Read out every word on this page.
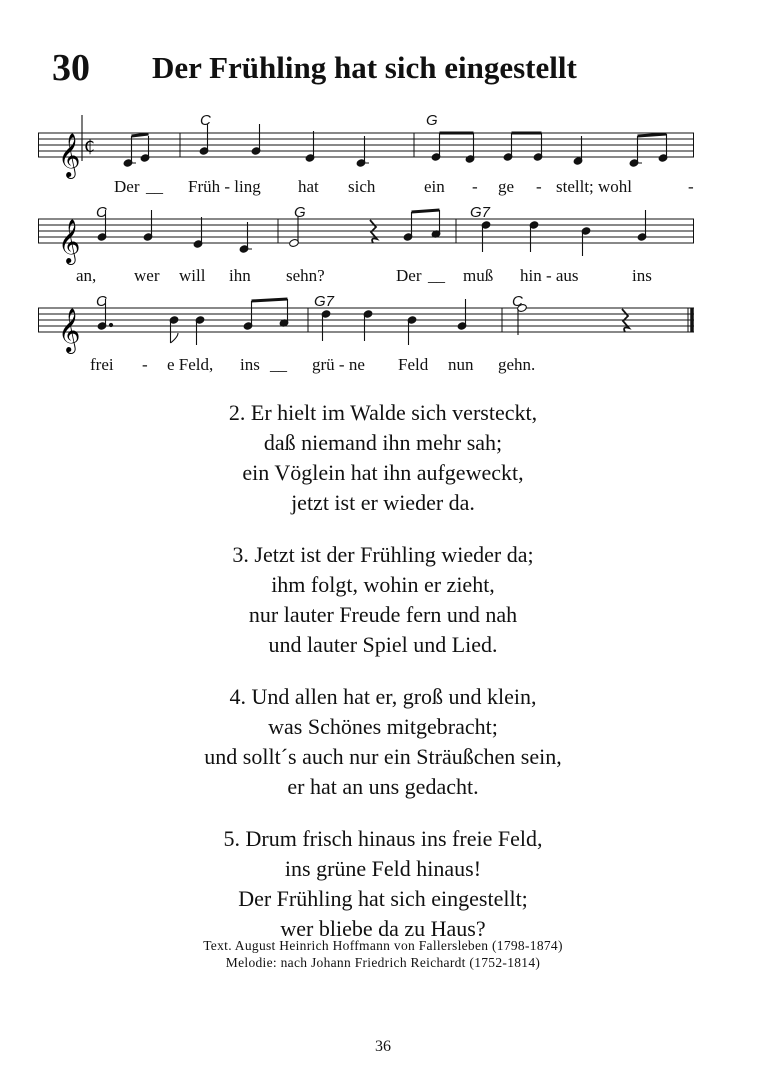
30 Der Frühling hat sich eingestellt
𝄞 ₵
C	G
Der __ Früh - ling hat sich	ein - ge - stellt; wohl	-
𝄞
C	G	G7
an, wer will ihn sehn?	Der __ muß hin - aus	ins
𝄞
C	G7	C
frei - e Feld, ins __ grü - ne Feld nun gehn.
2. Er hielt im Walde sich versteckt,
daß niemand ihn mehr sah;
ein Vöglein hat ihn aufgeweckt,
jetzt ist er wieder da.
3. Jetzt ist der Frühling wieder da;
ihm folgt, wohin er zieht,
nur lauter Freude fern und nah
und lauter Spiel und Lied.
4. Und allen hat er, groß und klein,
was Schönes mitgebracht;
und sollt´s auch nur ein Sträußchen sein,
er hat an uns gedacht.
5. Drum frisch hinaus ins freie Feld,
ins grüne Feld hinaus!
Der Frühling hat sich eingestellt;
wer bliebe da zu Haus?
Text. August Heinrich Hoffmann von Fallersleben (1798-1874)
Melodie: nach Johann Friedrich Reichardt (1752-1814)
36
